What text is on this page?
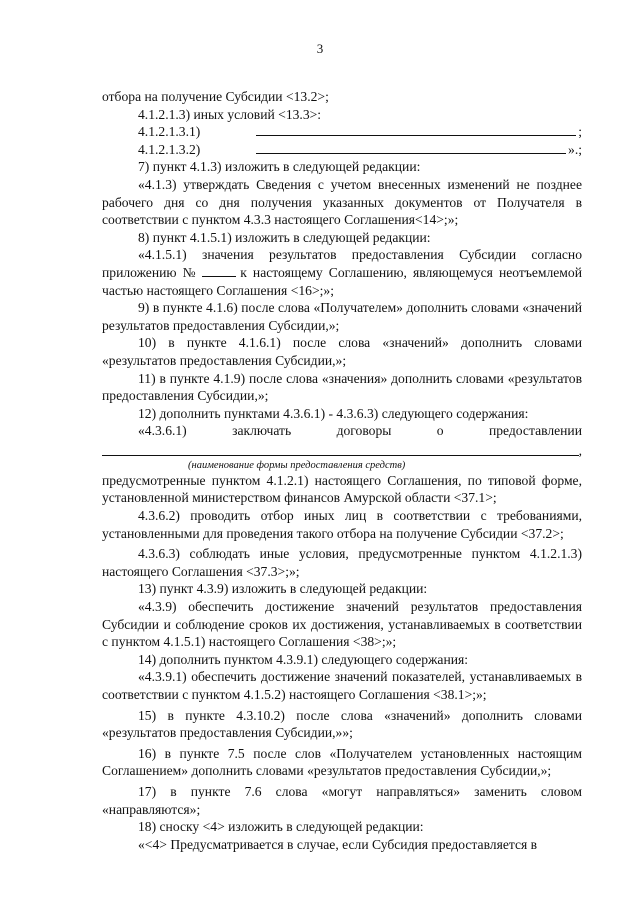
3

отбора на получение Субсидии <13.2>;

4.1.2.1.3) иных условий <13.3>:

4.1.2.1.3.1)	;
4.1.2.1.3.2)	».;

7) пункт 4.1.3) изложить в следующей редакции:

«4.1.3) утверждать Сведения с учетом внесенных изменений не позднее рабочего дня со дня получения указанных документов от Получателя в соответствии с пунктом 4.3.3 настоящего Соглашения<14>;»;

8) пункт 4.1.5.1) изложить в следующей редакции:

«4.1.5.1) значения результатов предоставления Субсидии согласно приложению №	к настоящему Соглашению, являющемуся неотъемлемой частью настоящего Соглашения <16>;»;

9) в пункте 4.1.6) после слова «Получателем» дополнить словами «значений результатов предоставления Субсидии,»;

10) в пункте 4.1.6.1) после слова «значений» дополнить словами «результатов предоставления Субсидии,»;

11) в пункте 4.1.9) после слова «значения» дополнить словами «результатов предоставления Субсидии,»;

12) дополнить пунктами 4.3.6.1) - 4.3.6.3) следующего содержания:

«4.3.6.1) заключать договоры о предоставлении

,
(наименование формы предоставления средств)

предусмотренные пунктом 4.1.2.1) настоящего Соглашения, по типовой форме, установленной министерством финансов Амурской области <37.1>;

4.3.6.2) проводить отбор иных лиц в соответствии с требованиями, установленными для проведения такого отбора на получение Субсидии <37.2>;

4.3.6.3) соблюдать иные условия, предусмотренные пунктом 4.1.2.1.3) настоящего Соглашения <37.3>;»;

13) пункт 4.3.9) изложить в следующей редакции:

«4.3.9) обеспечить достижение значений результатов предоставления Субсидии и соблюдение сроков их достижения, устанавливаемых в соответствии с пунктом 4.1.5.1) настоящего Соглашения <38>;»;

14) дополнить пунктом 4.3.9.1) следующего содержания:

«4.3.9.1) обеспечить достижение значений показателей, устанавливаемых в соответствии с пунктом 4.1.5.2) настоящего Соглашения <38.1>;»;

15) в пункте 4.3.10.2) после слова «значений» дополнить словами «результатов предоставления Субсидии,»»;

16) в пункте 7.5 после слов «Получателем установленных настоящим Соглашением» дополнить словами «результатов предоставления Субсидии,»;

17) в пункте 7.6 слова «могут направляться» заменить словом «направляются»;

18) сноску <4> изложить в следующей редакции:

«<4> Предусматривается в случае, если Субсидия предоставляется в
